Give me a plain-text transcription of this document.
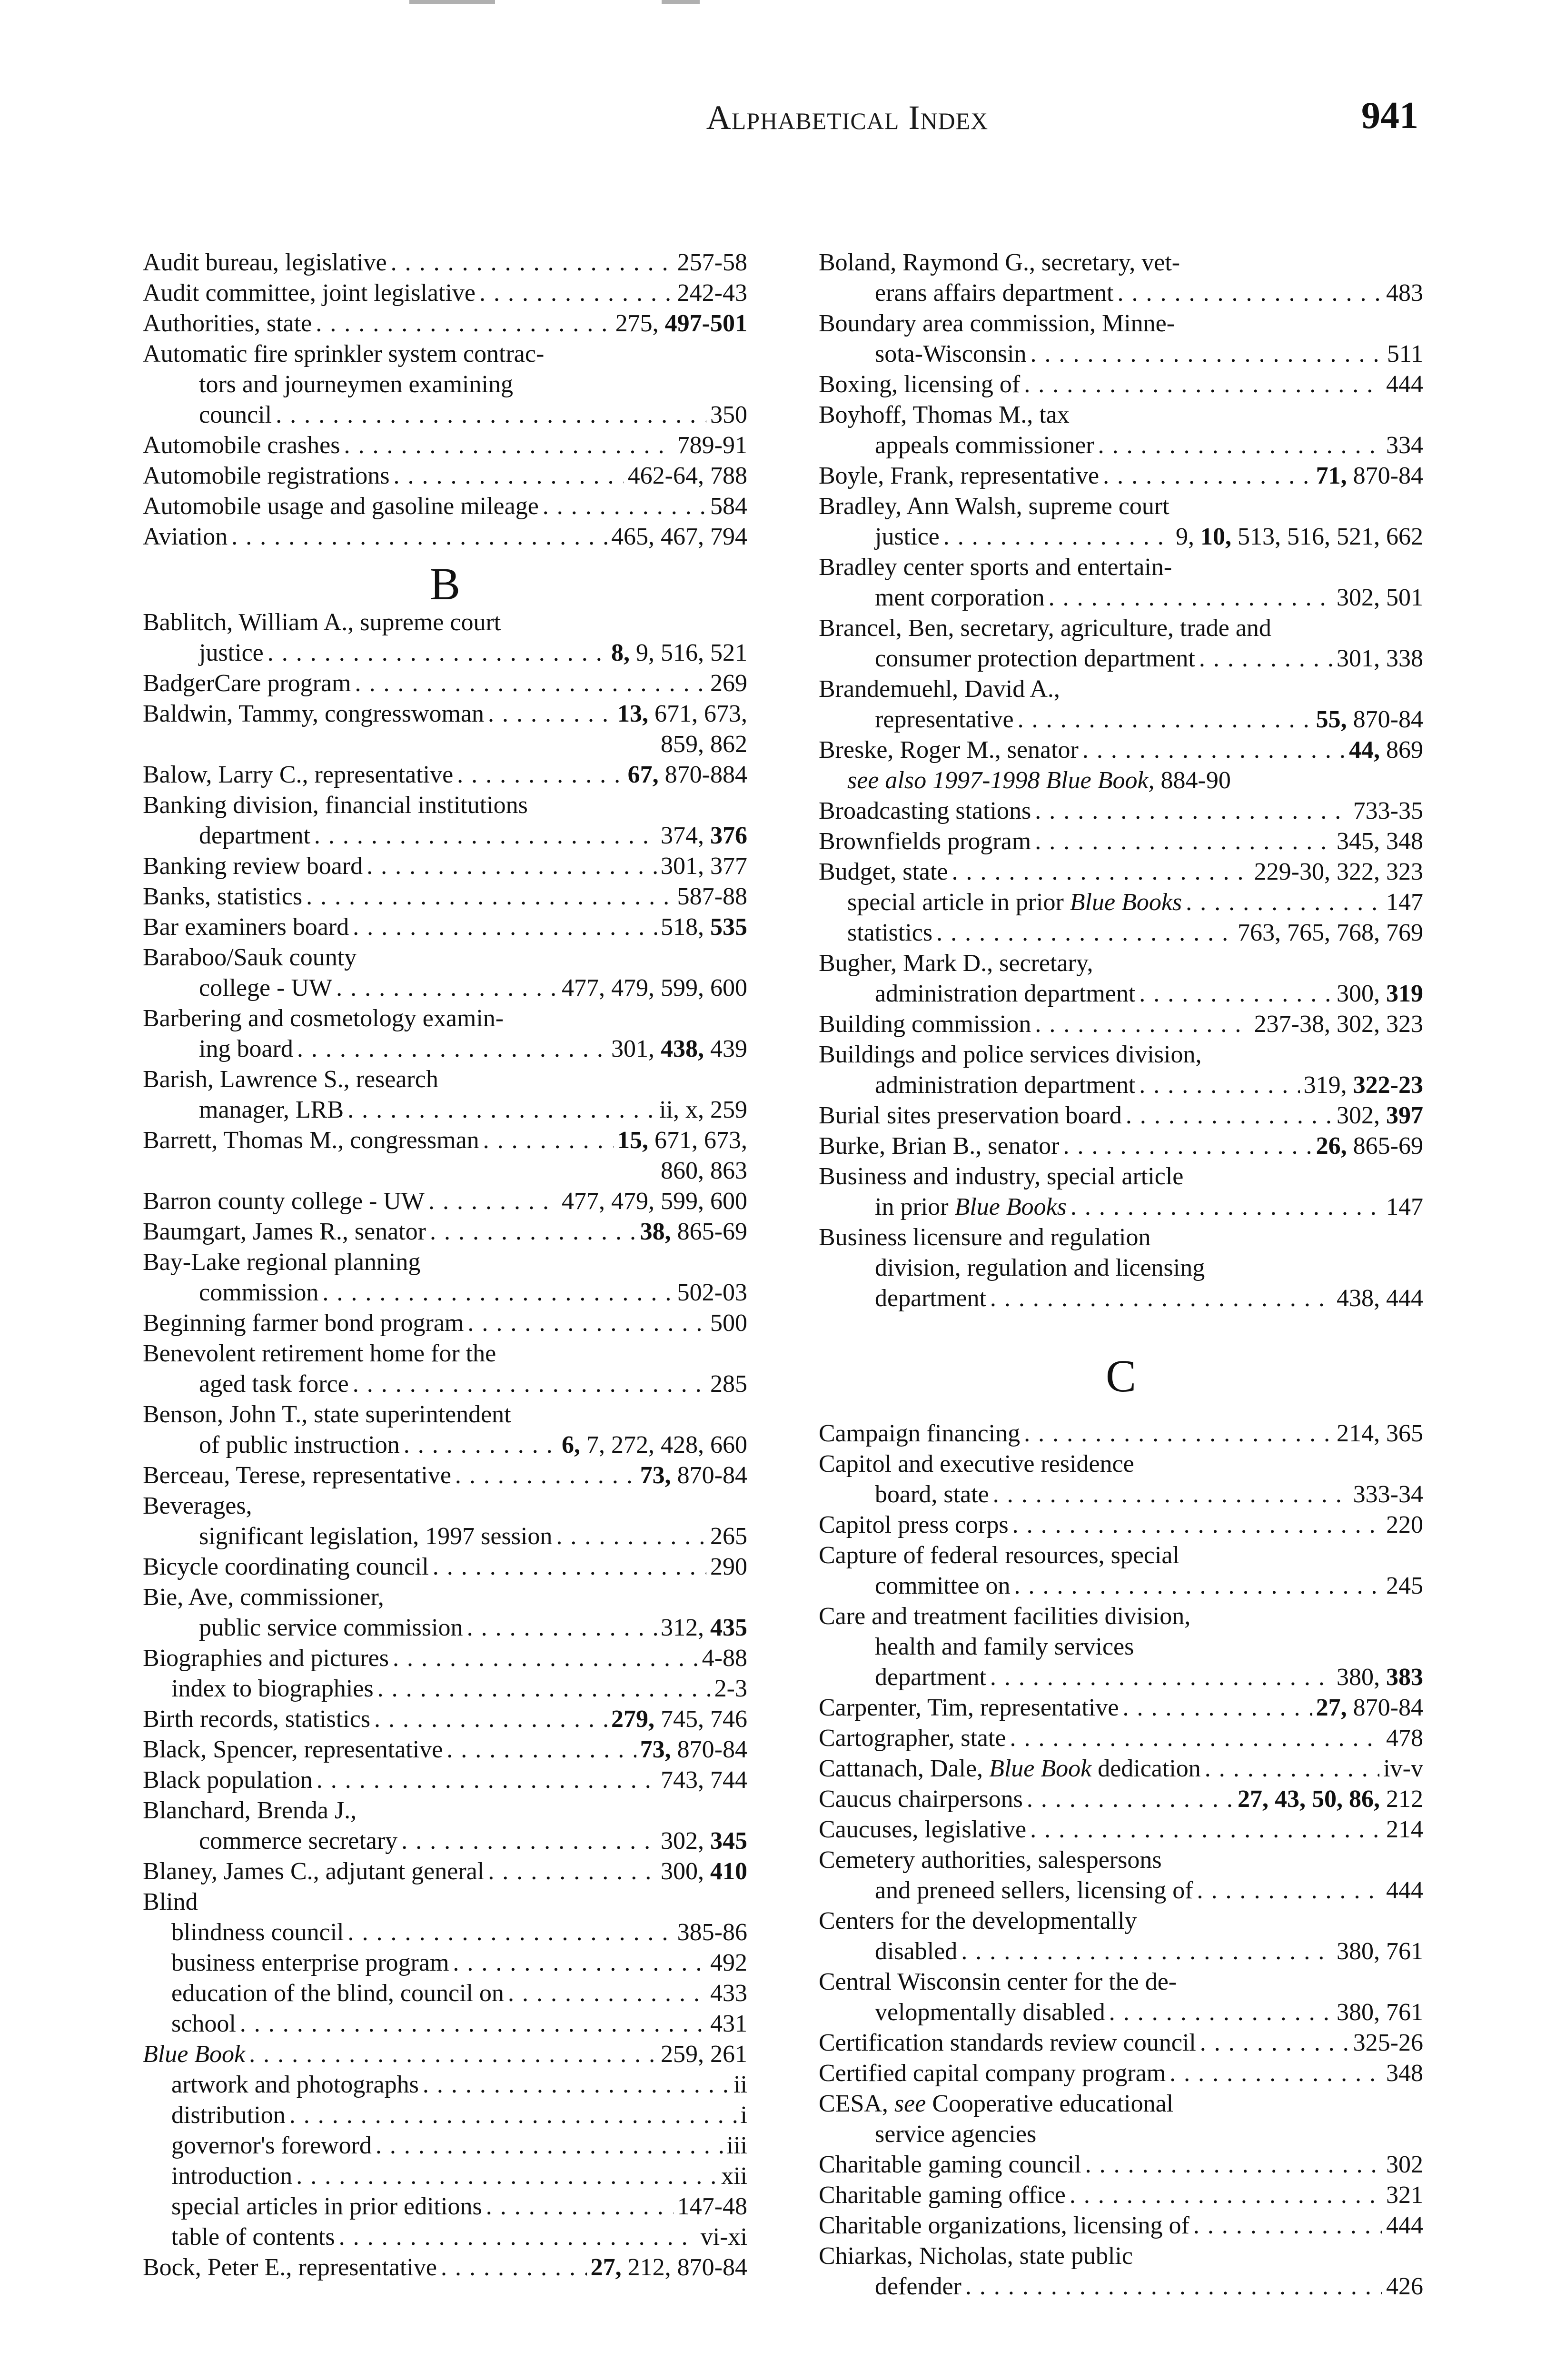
Alphabetical Index	941
Audit bureau, legislative . . .	257-58
Audit committee, joint legislative . . .	242-43
Authorities, state . . .	275, 497-501
Automatic fire sprinkler system contrac-
tors and journeymen examining
council . . .	350
Automobile crashes . . .	789-91
Automobile registrations . . .	462-64, 788
Automobile usage and gasoline mileage . . .	584
Aviation . . .	465, 467, 794
B
Bablitch, William A., supreme court
justice . . .	8, 9, 516, 521
BadgerCare program . . .	269
Baldwin, Tammy, congresswoman . . .	13, 671, 673,
859, 862
Balow, Larry C., representative . . .	67, 870-884
Banking division, financial institutions
department . . .	374, 376
Banking review board . . .	301, 377
Banks, statistics . . .	587-88
Bar examiners board . . .	518, 535
Baraboo/Sauk county
college - UW . . .	477, 479, 599, 600
Barbering and cosmetology examin-
ing board . . .	301, 438, 439
Barish, Lawrence S., research
manager, LRB . . .	ii, x, 259
Barrett, Thomas M., congressman . . .	15, 671, 673,
860, 863
Barron county college - UW . . .	477, 479, 599, 600
Baumgart, James R., senator . . .	38, 865-69
Bay-Lake regional planning
commission . . .	502-03
Beginning farmer bond program . . .	500
Benevolent retirement home for the
aged task force . . .	285
Benson, John T., state superintendent
of public instruction . . .	6, 7, 272, 428, 660
Berceau, Terese, representative . . .	73, 870-84
Beverages,
significant legislation, 1997 session . . .	265
Bicycle coordinating council . . .	290
Bie, Ave, commissioner,
public service commission . . .	312, 435
Biographies and pictures . . .	4-88
index to biographies . . .	2-3
Birth records, statistics . . .	279, 745, 746
Black, Spencer, representative . . .	73, 870-84
Black population . . .	743, 744
Blanchard, Brenda J.,
commerce secretary . . .	302, 345
Blaney, James C., adjutant general . . .	300, 410
Blind
blindness council . . .	385-86
business enterprise program . . .	492
education of the blind, council on . . .	433
school . . .	431
Blue Book . . .	259, 261
artwork and photographs . . .	ii
distribution . . .	i
governor's foreword . . .	iii
introduction . . .	xii
special articles in prior editions . . .	147-48
table of contents . . .	vi-xi
Bock, Peter E., representative . . .	27, 212, 870-84
Boland, Raymond G., secretary, vet-
erans affairs department . . .	483
Boundary area commission, Minne-
sota-Wisconsin . . .	511
Boxing, licensing of . . .	444
Boyhoff, Thomas M., tax
appeals commissioner . . .	334
Boyle, Frank, representative . . .	71, 870-84
Bradley, Ann Walsh, supreme court
justice . . .	9, 10, 513, 516, 521, 662
Bradley center sports and entertain-
ment corporation . . .	302, 501
Brancel, Ben, secretary, agriculture, trade and
consumer protection department . . .	301, 338
Brandemuehl, David A.,
representative . . .	55, 870-84
Breske, Roger M., senator . . .	44, 869
see also 1997-1998 Blue Book, 884-90
Broadcasting stations . . .	733-35
Brownfields program . . .	345, 348
Budget, state . . .	229-30, 322, 323
special article in prior Blue Books . . .	147
statistics . . .	763, 765, 768, 769
Bugher, Mark D., secretary,
administration department . . .	300, 319
Building commission . . .	237-38, 302, 323
Buildings and police services division,
administration department . . .	319, 322-23
Burial sites preservation board . . .	302, 397
Burke, Brian B., senator . . .	26, 865-69
Business and industry, special article
in prior Blue Books . . .	147
Business licensure and regulation
division, regulation and licensing
department . . .	438, 444
C
Campaign financing . . .	214, 365
Capitol and executive residence
board, state . . .	333-34
Capitol press corps . . .	220
Capture of federal resources, special
committee on . . .	245
Care and treatment facilities division,
health and family services
department . . .	380, 383
Carpenter, Tim, representative . . .	27, 870-84
Cartographer, state . . .	478
Cattanach, Dale, Blue Book dedication . . .	iv-v
Caucus chairpersons . . .	27, 43, 50, 86, 212
Caucuses, legislative . . .	214
Cemetery authorities, salespersons
and preneed sellers, licensing of . . .	444
Centers for the developmentally
disabled . . .	380, 761
Central Wisconsin center for the de-
velopmentally disabled . . .	380, 761
Certification standards review council . . .	325-26
Certified capital company program . . .	348
CESA, see Cooperative educational
service agencies
Charitable gaming council . . .	302
Charitable gaming office . . .	321
Charitable organizations, licensing of . . .	444
Chiarkas, Nicholas, state public
defender . . .	426
